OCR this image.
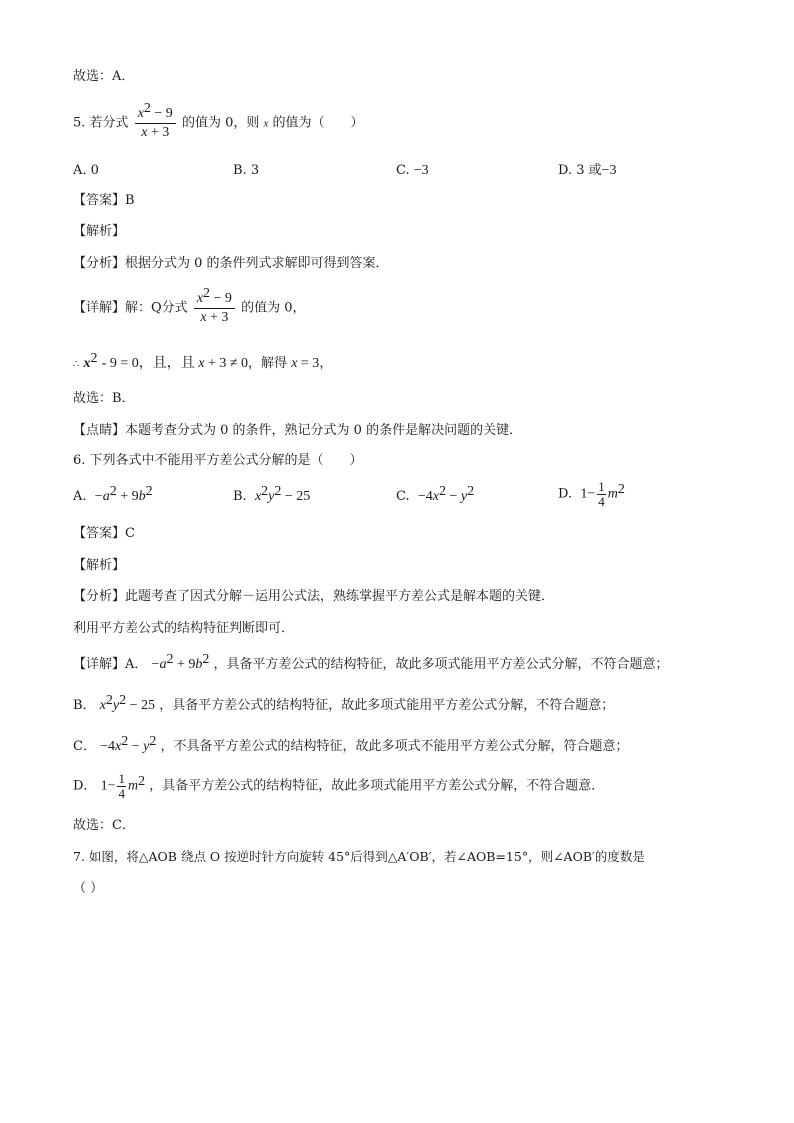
故选：A．
5. 若分式 $\frac{x^2 - 9}{x + 3}$ 的值为 0，则 x 的值为（　　）
A. 0	B. 3	C. −3	D. 3 或−3
【答案】B
【解析】
【分析】根据分式为 0 的条件列式求解即可得到答案．
【详解】解：Q分式 $\frac{x^2 - 9}{x + 3}$ 的值为 0，
∴ $x^2 - 9 = 0$，且，且 x + 3 ≠ 0，解得 x = 3，
故选：B．
【点睛】本题考查分式为 0 的条件，熟记分式为 0 的条件是解决问题的关键．
6. 下列各式中不能用平方差公式分解的是（　　）
A. $-a^2 + 9b^2$	B. $x^2y^2 - 25$	C. $-4x^2 - y^2$	D. $1- \frac{1}{4} m^2$
【答案】C
【解析】
【分析】此题考查了因式分解－运用公式法，熟练掌握平方差公式是解本题的关键．
利用平方差公式的结构特征判断即可．
【详解】A． $-a^2 + 9b^2$ ，具备平方差公式的结构特征，故此多项式能用平方差公式分解，不符合题意；
B． $x^2y^2 - 25$ ，具备平方差公式的结构特征，故此多项式能用平方差公式分解，不符合题意；
C． $-4x^2 - y^2$ ，不具备平方差公式的结构特征，故此多项式不能用平方差公式分解，符合题意；
D． $1- \frac{1}{4} m^2$ ，具备平方差公式的结构特征，故此多项式能用平方差公式分解，不符合题意．
故选：C．
7. 如图，将△AOB 绕点 O 按逆时针方向旋转 45°后得到△A′OB′，若∠AOB=15°，则∠AOB′的度数是
（ ）
